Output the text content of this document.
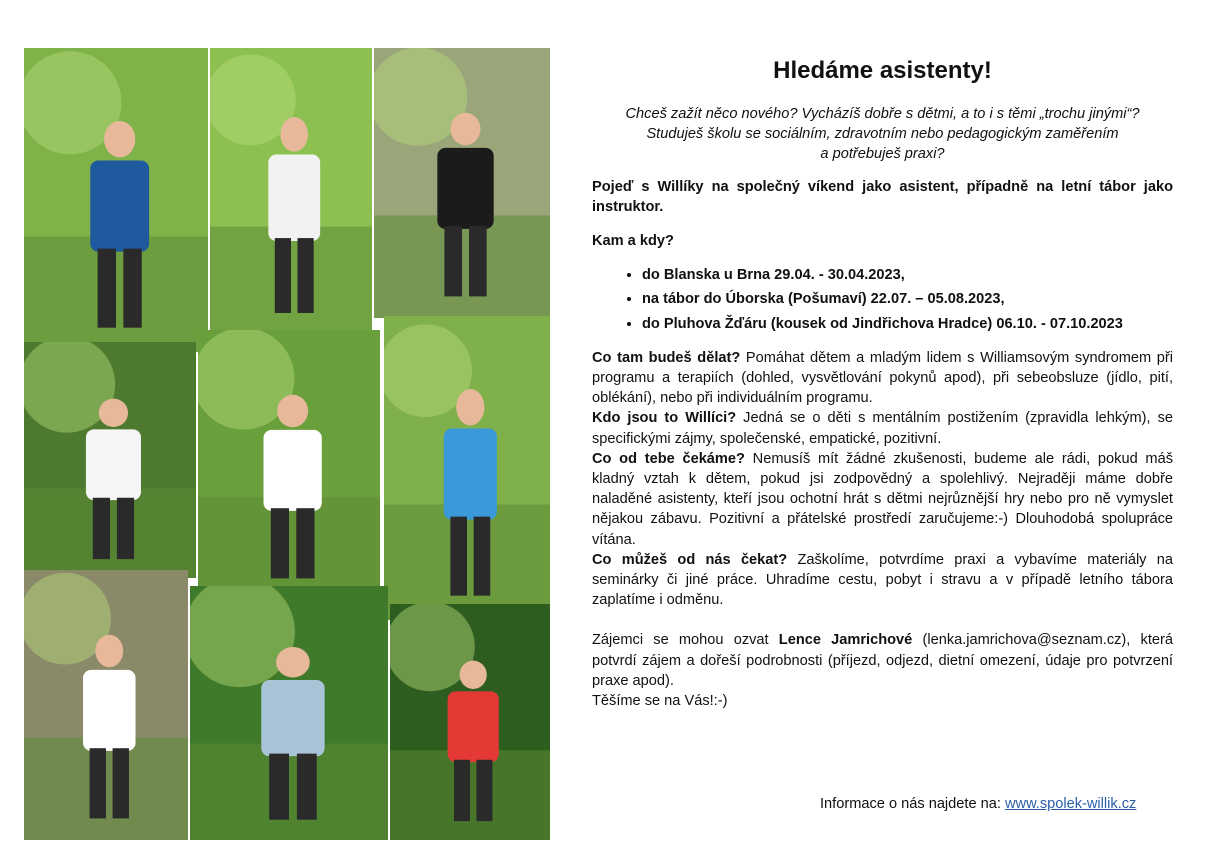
Hledáme asistenty!
Chceš zažít něco nového? Vycházíš dobře s dětmi, a to i s těmi „trochu jinými“?
Studuješ školu se sociálním, zdravotním nebo pedagogickým zaměřením
a potřebuješ praxi?

Pojeď s Willíky na společný víkend jako asistent, případně na letní tábor jako instruktor.

Kam a kdy?

• do Blanska u Brna 29.04. - 30.04.2023,
• na tábor do Úborska (Pošumaví) 22.07. – 05.08.2023,
• do Pluhova Žďáru (kousek od Jindřichova Hradce) 06.10. - 07.10.2023

Co tam budeš dělat? Pomáhat dětem a mladým lidem s Williamsovým syndromem při programu a terapiích (dohled, vysvětlování pokynů apod), při sebeobsluze (jídlo, pití, oblékání), nebo při individuálním programu.

Kdo jsou to Willíci? Jedná se o děti s mentálním postižením (zpravidla lehkým), se specifickými zájmy, společenské, empatické, pozitivní.

Co od tebe čekáme? Nemusíš mít žádné zkušenosti, budeme ale rádi, pokud máš kladný vztah k dětem, pokud jsi zodpovědný a spolehlivý. Nejraději máme dobře naladěné asistenty, kteří jsou ochotní hrát s dětmi nejrůznější hry nebo pro ně vymyslet nějakou zábavu. Pozitivní a přátelské prostředí zaručujeme:-) Dlouhodobá spolupráce vítána.

Co můžeš od nás čekat? Zaškolíme, potvrdíme praxi a vybavíme materiály na seminárky či jiné práce. Uhradíme cestu, pobyt i stravu a v případě letního tábora zaplatíme i odměnu.

Zájemci se mohou ozvat Lence Jamrichové (lenka.jamrichova@seznam.cz), která potvrdí zájem a dořeší podrobnosti (příjezd, odjezd, dietní omezení, údaje pro potvrzení praxe apod).

Těšíme se na Vás!:-)

Informace o nás najdete na: www.spolek-willik.cz
